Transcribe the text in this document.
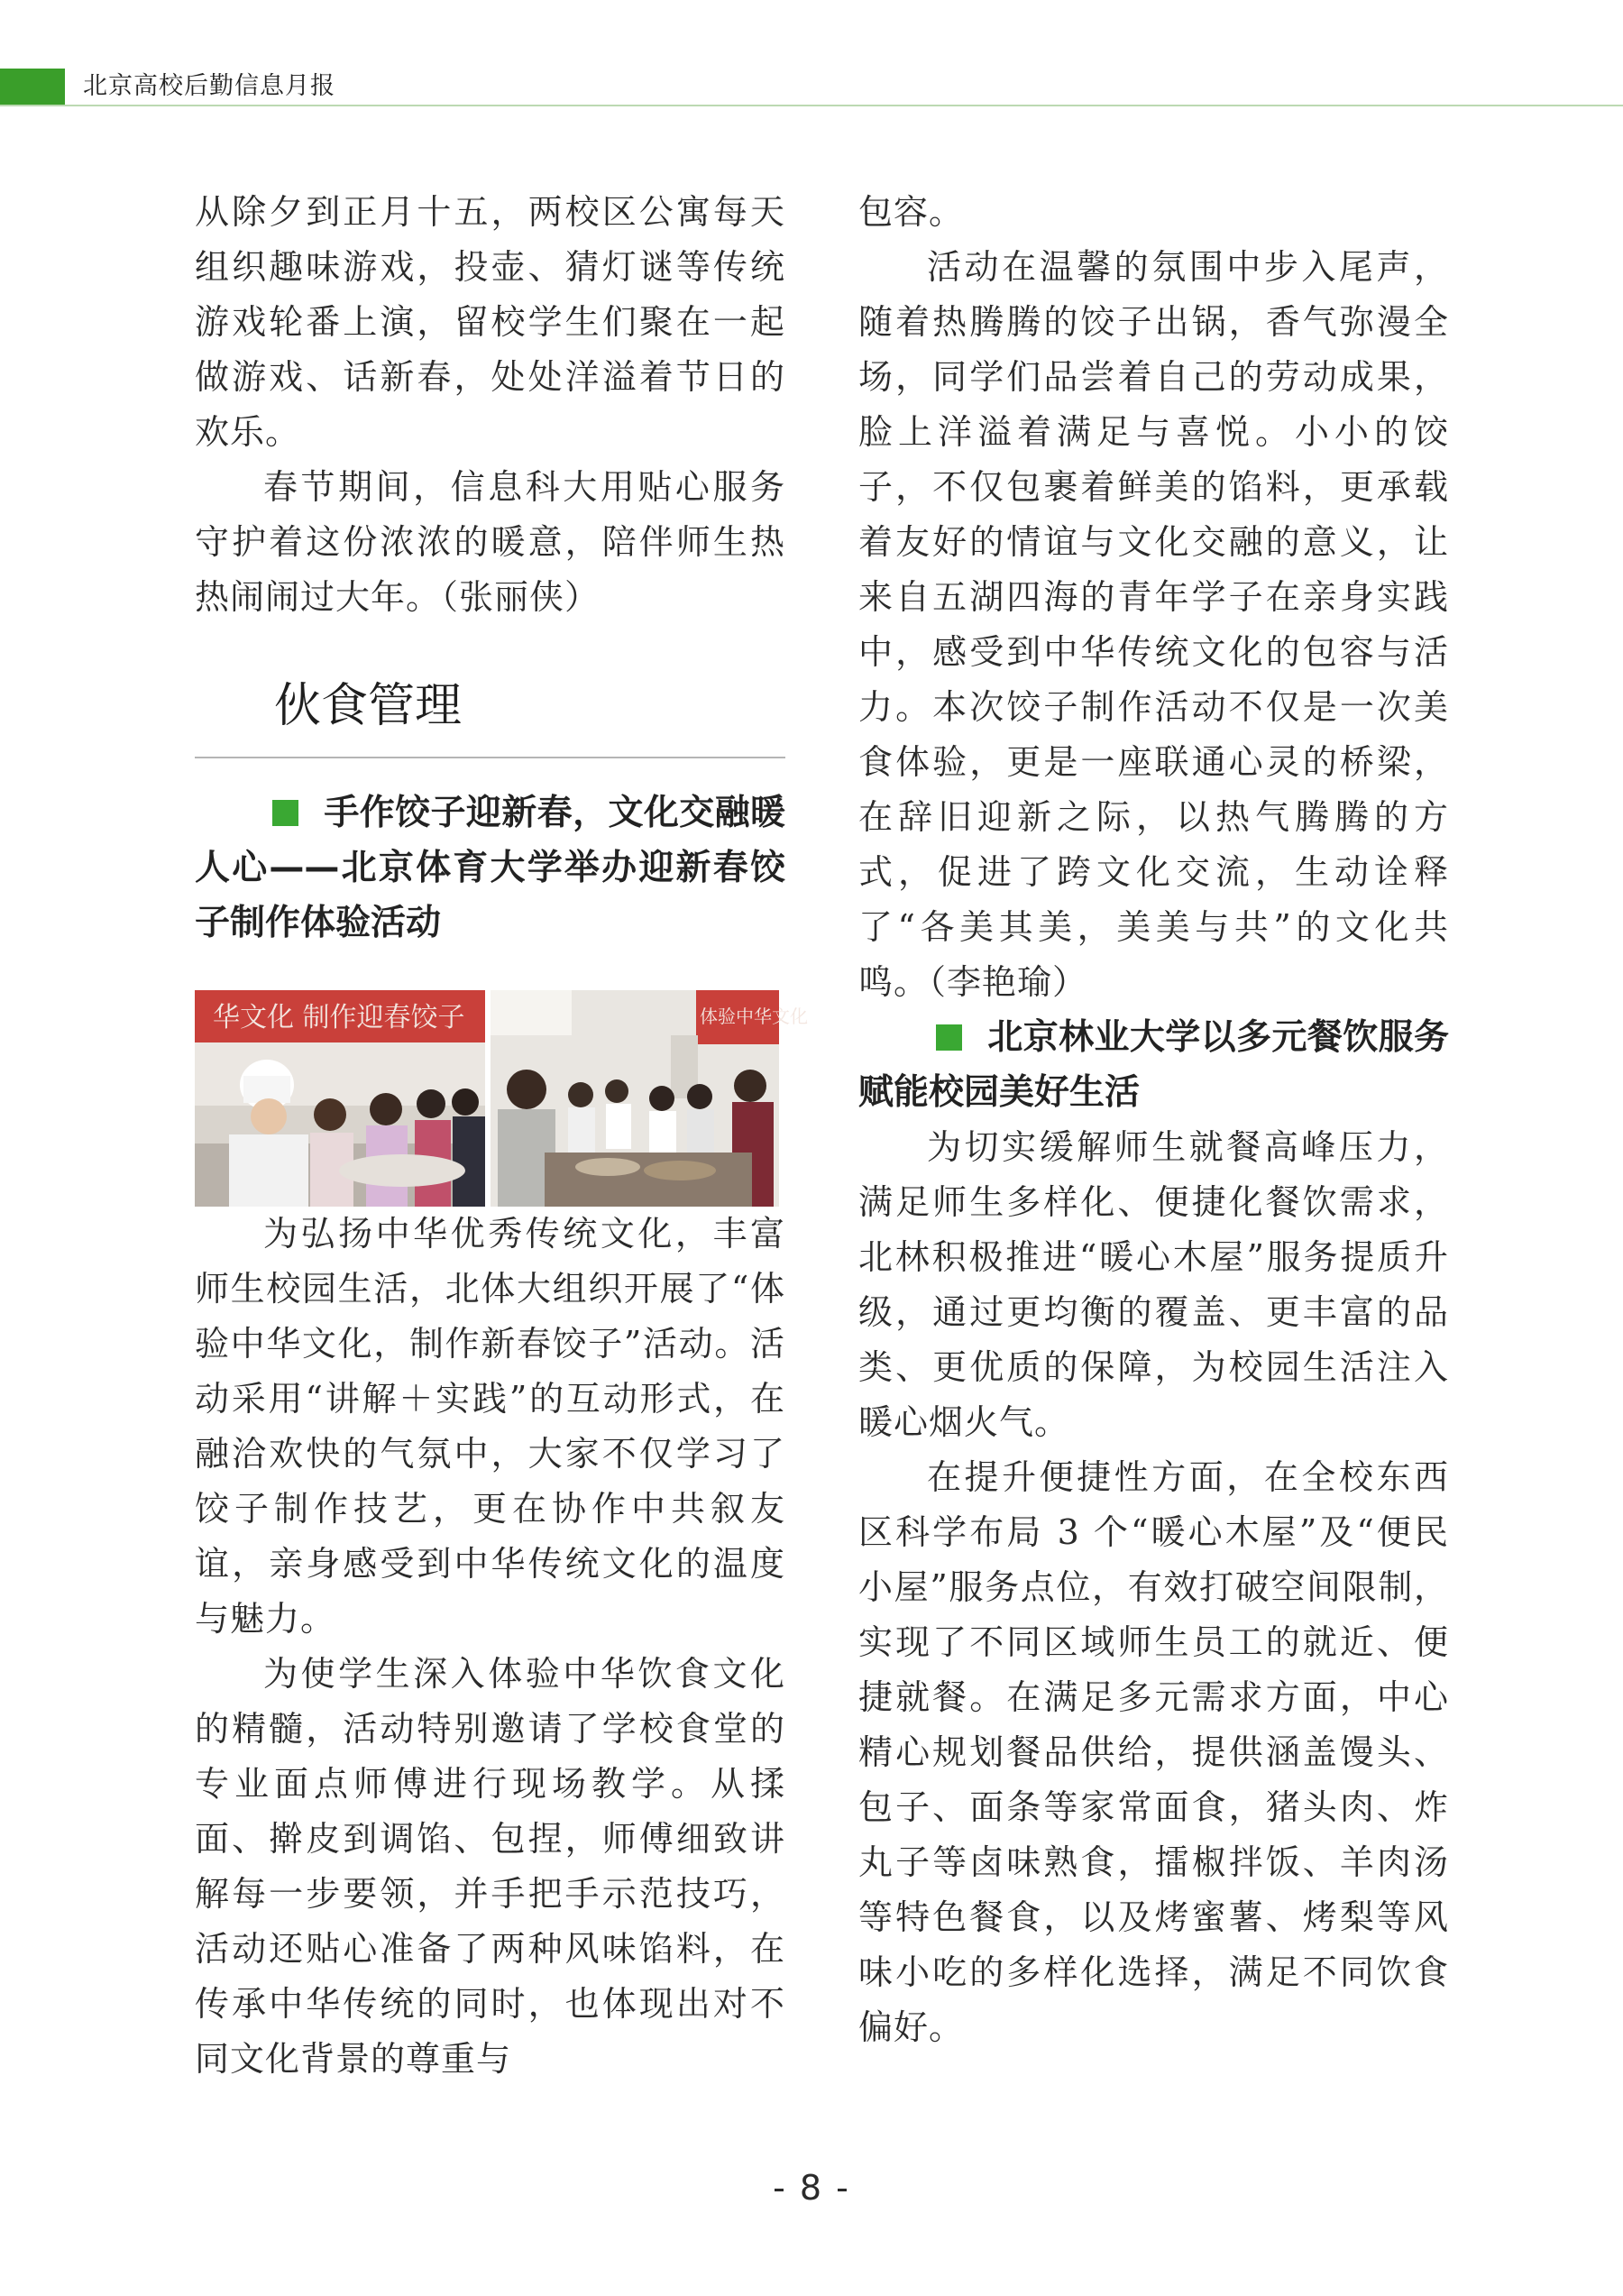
北京高校后勤信息月报

从除夕到正月十五，两校区公寓每天组织趣味游戏，投壶、猜灯谜等传统游戏轮番上演，留校学生们聚在一起做游戏、话新春，处处洋溢着节日的欢乐。

春节期间，信息科大用贴心服务守护着这份浓浓的暖意，陪伴师生热热闹闹过大年。（张丽侠）

伙食管理

手作饺子迎新春，文化交融暖人心——北京体育大学举办迎新春饺子制作体验活动

华文化 制作迎春饺子	体验中华文化

为弘扬中华优秀传统文化，丰富师生校园生活，北体大组织开展了“体验中华文化，制作新春饺子”活动。活动采用“讲解＋实践”的互动形式，在融洽欢快的气氛中，大家不仅学习了饺子制作技艺，更在协作中共叙友谊，亲身感受到中华传统文化的温度与魅力。

为使学生深入体验中华饮食文化的精髓，活动特别邀请了学校食堂的专业面点师傅进行现场教学。从揉面、擀皮到调馅、包捏，师傅细致讲解每一步要领，并手把手示范技巧，活动还贴心准备了两种风味馅料，在传承中华传统的同时，也体现出对不同文化背景的尊重与

包容。

活动在温馨的氛围中步入尾声，随着热腾腾的饺子出锅，香气弥漫全场，同学们品尝着自己的劳动成果，脸上洋溢着满足与喜悦。小小的饺子，不仅包裹着鲜美的馅料，更承载着友好的情谊与文化交融的意义，让来自五湖四海的青年学子在亲身实践中，感受到中华传统文化的包容与活力。本次饺子制作活动不仅是一次美食体验，更是一座联通心灵的桥梁，在辞旧迎新之际，以热气腾腾的方式，促进了跨文化交流，生动诠释了“各美其美，美美与共”的文化共鸣。（李艳瑜）

北京林业大学以多元餐饮服务赋能校园美好生活

为切实缓解师生就餐高峰压力，满足师生多样化、便捷化餐饮需求，北林积极推进“暖心木屋”服务提质升级，通过更均衡的覆盖、更丰富的品类、更优质的保障，为校园生活注入暖心烟火气。

在提升便捷性方面，在全校东西区科学布局 3 个“暖心木屋”及“便民小屋”服务点位，有效打破空间限制，实现了不同区域师生员工的就近、便捷就餐。在满足多元需求方面，中心精心规划餐品供给，提供涵盖馒头、包子、面条等家常面食，猪头肉、炸丸子等卤味熟食，擂椒拌饭、羊肉汤等特色餐食，以及烤蜜薯、烤梨等风味小吃的多样化选择，满足不同饮食偏好。

- 8 -
